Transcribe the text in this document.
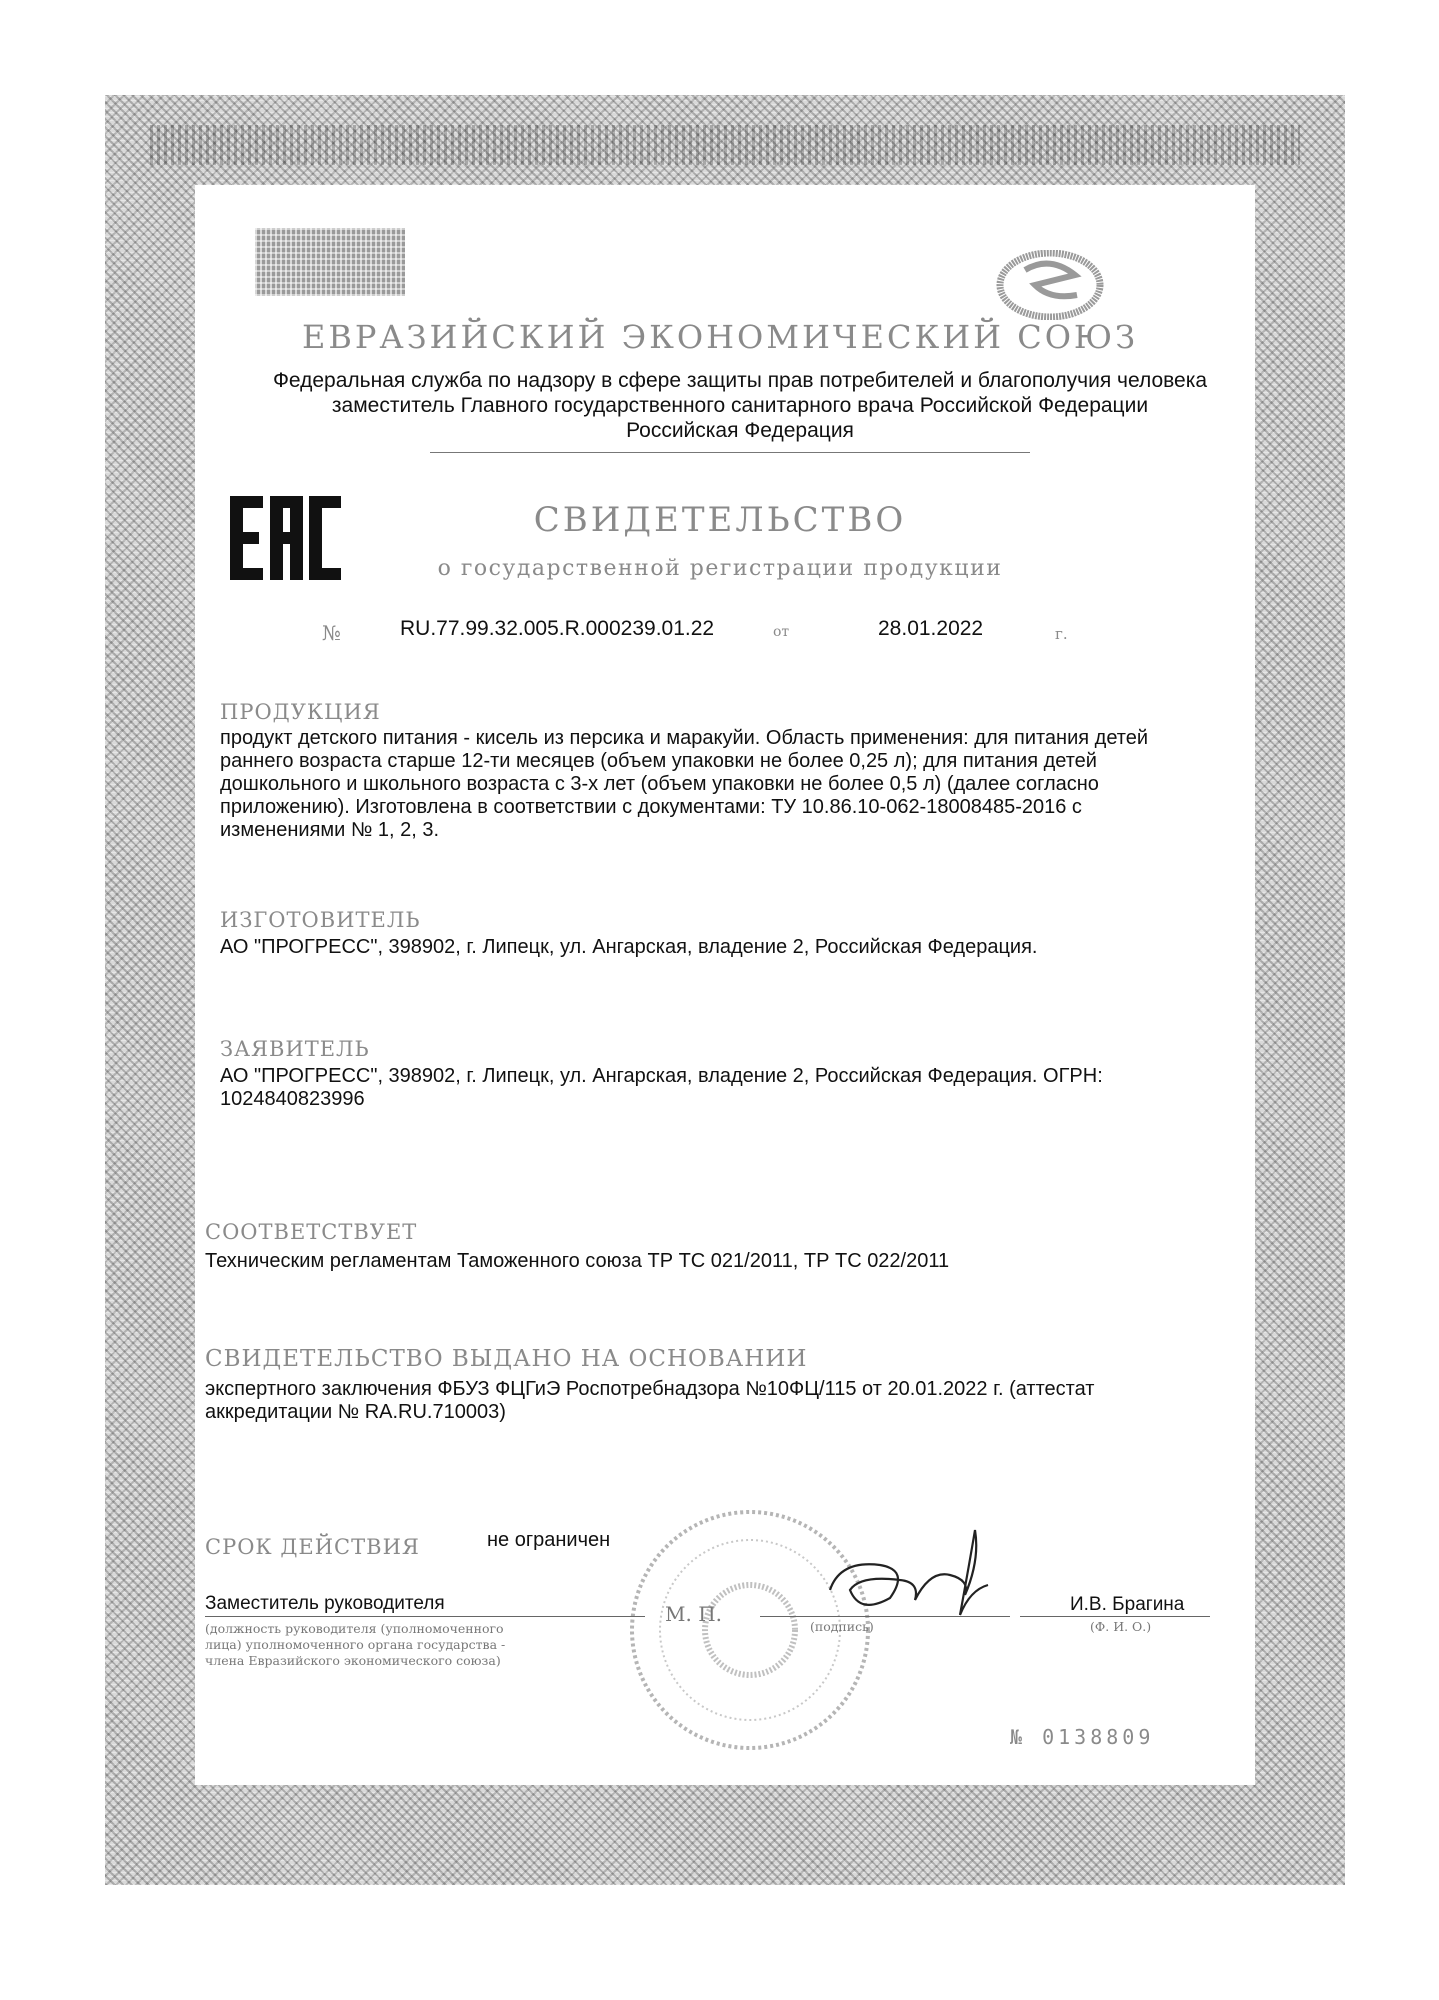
ЕВРАЗИЙСКИЙ ЭКОНОМИЧЕСКИЙ СОЮЗ
Федеральная служба по надзору в сфере защиты прав потребителей и благополучия человека
заместитель Главного государственного санитарного врача Российской Федерации
Российская Федерация
СВИДЕТЕЛЬСТВО
о государственной регистрации продукции
№	RU.77.99.32.005.R.000239.01.22	от	28.01.2022	г.
ПРОДУКЦИЯ
продукт детского питания - кисель из персика и маракуйи. Область применения: для питания детей
раннего возраста старше 12-ти месяцев (объем упаковки не более 0,25 л); для питания детей
дошкольного и школьного возраста с 3-х лет (объем упаковки не более 0,5 л) (далее согласно
приложению). Изготовлена в соответствии с документами: ТУ 10.86.10-062-18008485-2016 с
изменениями № 1, 2, 3.
ИЗГОТОВИТЕЛЬ
АО "ПРОГРЕСС", 398902, г. Липецк, ул. Ангарская, владение 2, Российская Федерация.
ЗАЯВИТЕЛЬ
АО "ПРОГРЕСС", 398902, г. Липецк, ул. Ангарская, владение 2, Российская Федерация. ОГРН:
1024840823996
СООТВЕТСТВУЕТ
Техническим регламентам Таможенного союза ТР ТС 021/2011, ТР ТС 022/2011
СВИДЕТЕЛЬСТВО ВЫДАНО НА ОСНОВАНИИ
экспертного заключения ФБУЗ ФЦГиЭ Роспотребнадзора №10ФЦ/115 от 20.01.2022 г. (аттестат
аккредитации № RA.RU.710003)
СРОК ДЕЙСТВИЯ	не ограничен
Заместитель руководителя
(должность руководителя (уполномоченного
лица) уполномоченного органа государства -
члена Евразийского экономического союза)
М. П.
(подпись)
И.В. Брагина
(Ф. И. О.)
№ 0138809
